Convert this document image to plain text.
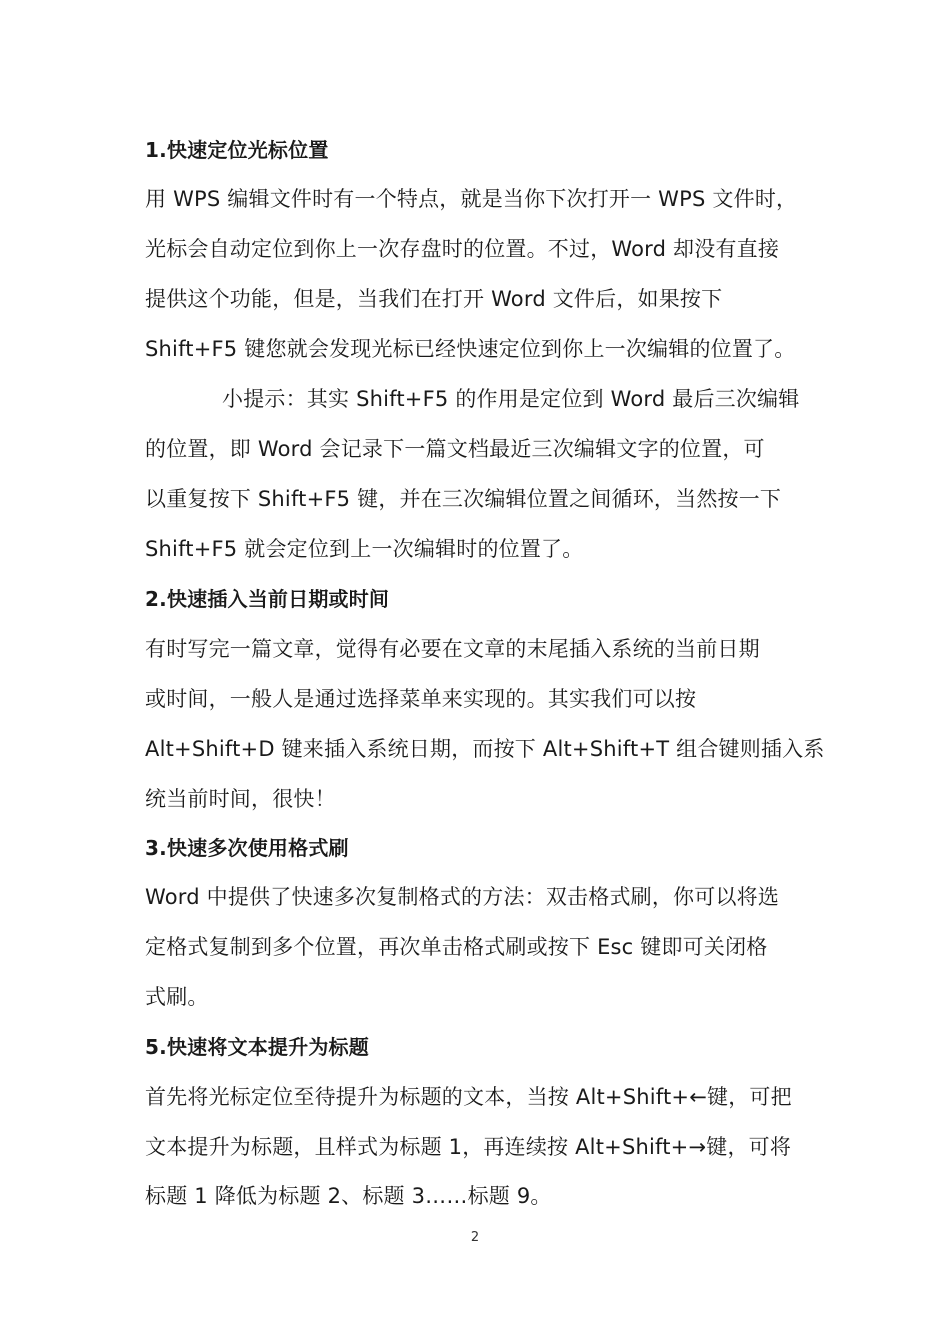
1.快速定位光标位置
用 WPS 编辑文件时有一个特点，就是当你下次打开一 WPS 文件时，
光标会自动定位到你上一次存盘时的位置。不过，Word 却没有直接
提供这个功能，但是，当我们在打开 Word 文件后，如果按下
Shift+F5 键您就会发现光标已经快速定位到你上一次编辑的位置了。
小提示：其实 Shift+F5 的作用是定位到 Word 最后三次编辑
的位置，即 Word 会记录下一篇文档最近三次编辑文字的位置，可
以重复按下 Shift+F5 键，并在三次编辑位置之间循环，当然按一下
Shift+F5 就会定位到上一次编辑时的位置了。
2.快速插入当前日期或时间
有时写完一篇文章，觉得有必要在文章的末尾插入系统的当前日期
或时间，一般人是通过选择菜单来实现的。其实我们可以按
Alt+Shift+D 键来插入系统日期，而按下 Alt+Shift+T 组合键则插入系
统当前时间，很快！
3.快速多次使用格式刷
Word 中提供了快速多次复制格式的方法：双击格式刷，你可以将选
定格式复制到多个位置，再次单击格式刷或按下 Esc 键即可关闭格
式刷。
5.快速将文本提升为标题
首先将光标定位至待提升为标题的文本，当按 Alt+Shift+←键，可把
文本提升为标题，且样式为标题 1，再连续按 Alt+Shift+→键，可将
标题 1 降低为标题 2、标题 3……标题 9。
2
